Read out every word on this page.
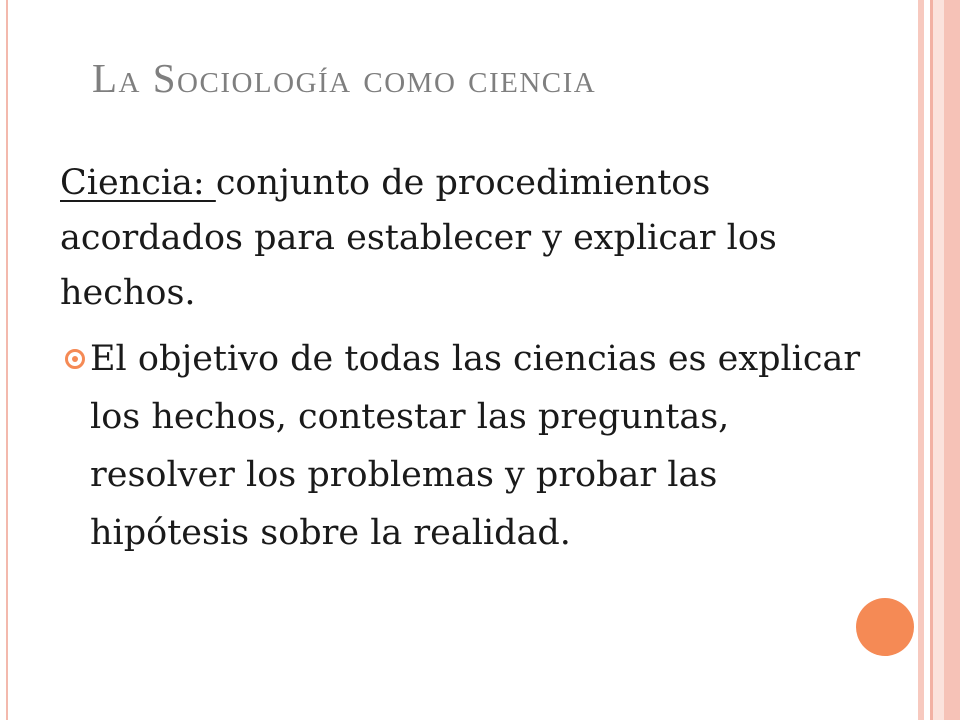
La Sociología como ciencia

Ciencia: conjunto de procedimientos acordados para establecer y explicar los hechos.

El objetivo de todas las ciencias es explicar los hechos, contestar las preguntas, resolver los problemas y probar las hipótesis sobre la realidad.
